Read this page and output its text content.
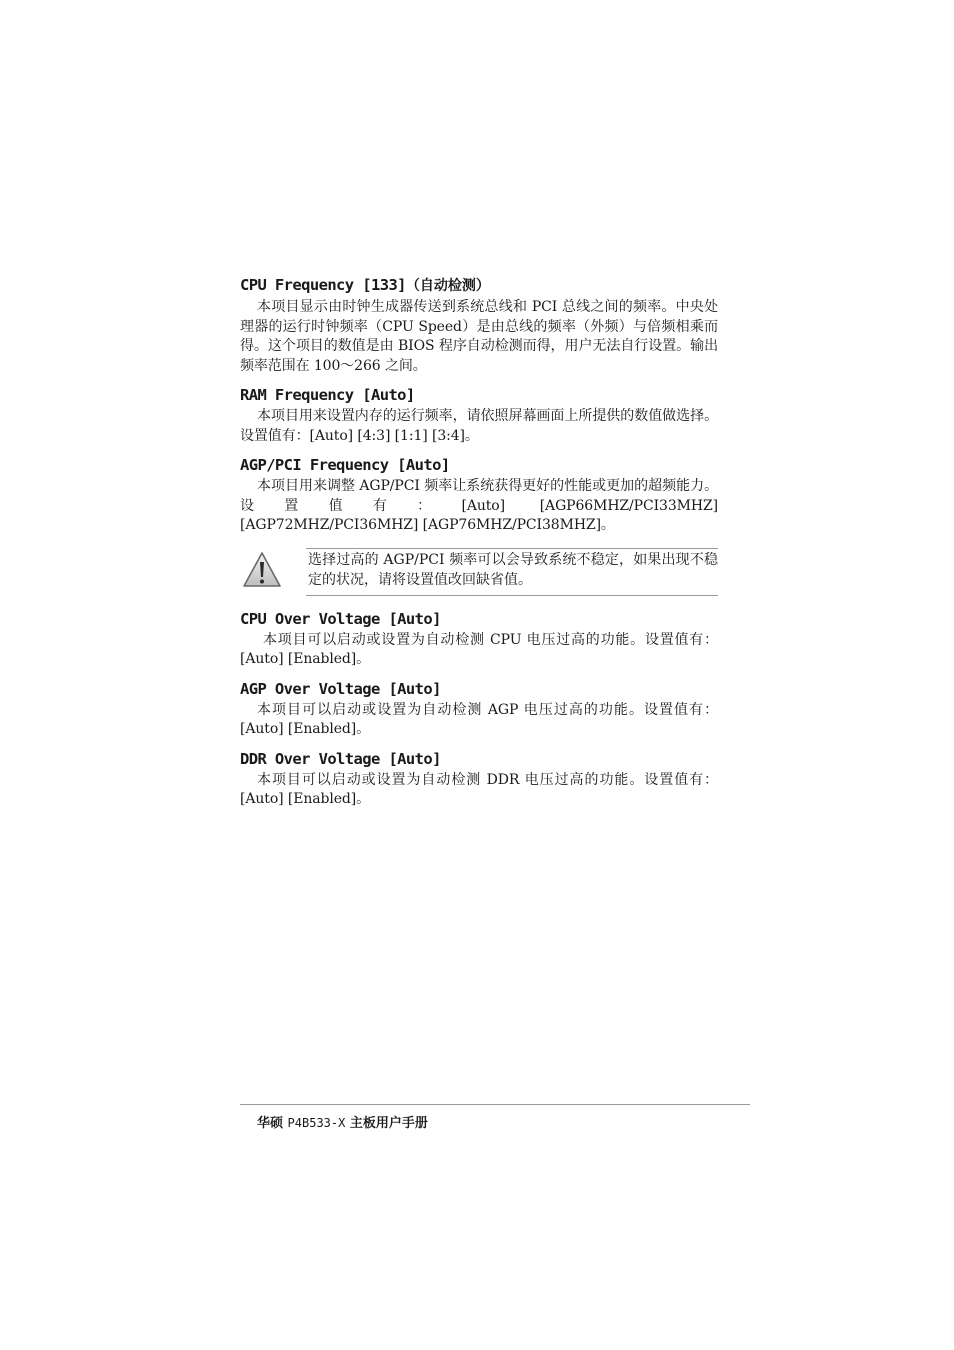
CPU Frequency [133]（自动检测）

本项目显示由时钟生成器传送到系统总线和 PCI 总线之间的频率。中央处理器的运行时钟频率（CPU Speed）是由总线的频率（外频）与倍频相乘而得。这个项目的数值是由 BIOS 程序自动检测而得，用户无法自行设置。输出频率范围在 100～266 之间。

RAM Frequency [Auto]

本项目用来设置内存的运行频率，请依照屏幕画面上所提供的数值做选择。设置值有：[Auto] [4:3] [1:1] [3:4]。

AGP/PCI Frequency [Auto]

本项目用来调整 AGP/PCI 频率让系统获得更好的性能或更加的超频能力。设置值有：[Auto] [AGP66MHZ/PCI33MHZ] [AGP72MHZ/PCI36MHZ] [AGP76MHZ/PCI38MHZ]。

选择过高的 AGP/PCI 频率可以会导致系统不稳定，如果出现不稳定的状况，请将设置值改回缺省值。
CPU Over Voltage [Auto]

本项目可以启动或设置为自动检测 CPU 电压过高的功能。设置值有：[Auto] [Enabled]。

AGP Over Voltage [Auto]

本项目可以启动或设置为自动检测 AGP 电压过高的功能。设置值有：[Auto] [Enabled]。

DDR Over Voltage [Auto]

本项目可以启动或设置为自动检测 DDR 电压过高的功能。设置值有：[Auto] [Enabled]。

华硕 P4B533-X 主板用户手册
